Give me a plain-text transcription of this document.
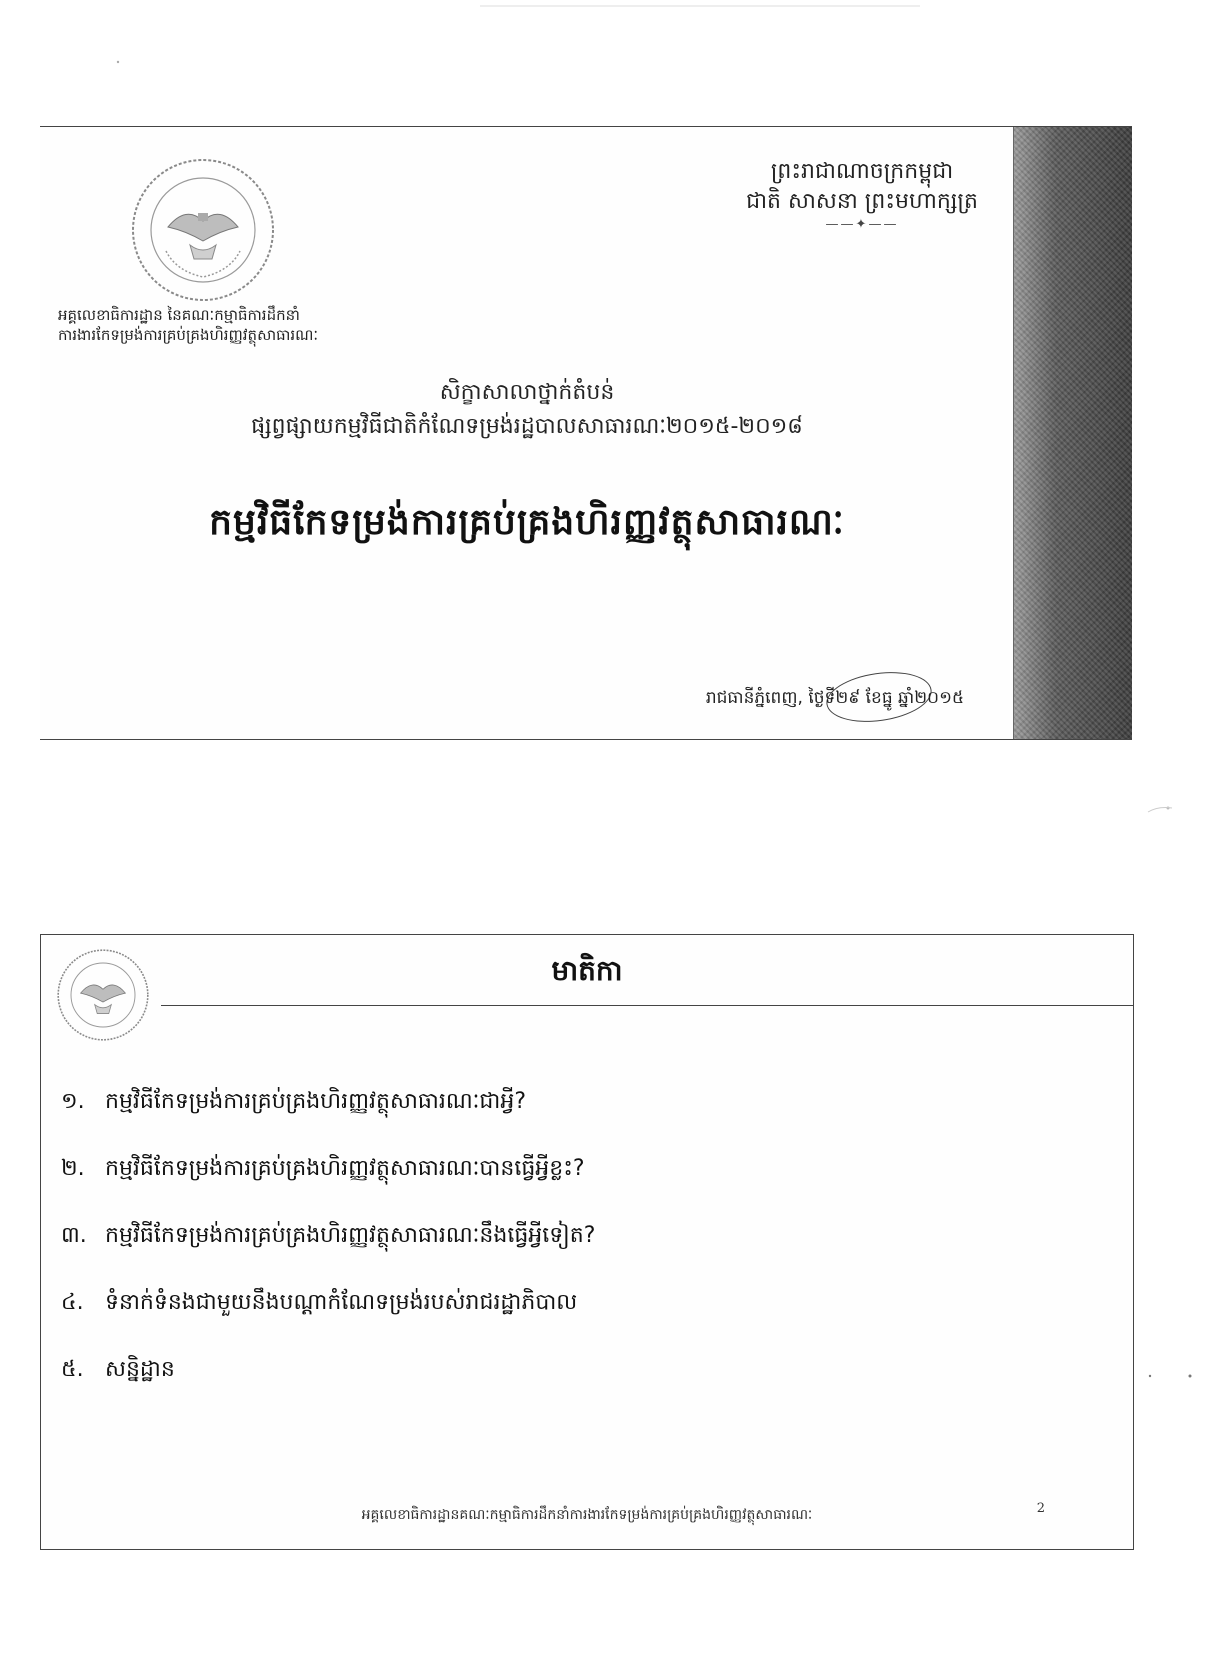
អគ្គលេខាធិការដ្ឋាន នៃគណៈកម្មាធិការដឹកនាំ
ការងារកែទម្រង់ការគ្រប់គ្រងហិរញ្ញវត្ថុសាធារណៈ
ព្រះរាជាណាចក្រកម្ពុជា
ជាតិ សាសនា ព្រះមហាក្សត្រ
——✦——
សិក្ខាសាលាថ្នាក់តំបន់
ផ្សព្វផ្សាយកម្មវិធីជាតិកំណែទម្រង់រដ្ឋបាលសាធារណៈ២០១៥-២០១៨
កម្មវិធីកែទម្រង់ការគ្រប់គ្រងហិរញ្ញវត្ថុសាធារណៈ
រាជធានីភ្នំពេញ, ថ្ងៃទី២៩ ខែធ្នូ ឆ្នាំ២០១៥
មាតិកា
១. កម្មវិធីកែទម្រង់ការគ្រប់គ្រងហិរញ្ញវត្ថុសាធារណៈជាអ្វី?
២. កម្មវិធីកែទម្រង់ការគ្រប់គ្រងហិរញ្ញវត្ថុសាធារណៈបានធ្វើអ្វីខ្លះ?
៣. កម្មវិធីកែទម្រង់ការគ្រប់គ្រងហិរញ្ញវត្ថុសាធារណៈនឹងធ្វើអ្វីទៀត?
៤. ទំនាក់ទំនងជាមួយនឹងបណ្តាកំណែទម្រង់របស់រាជរដ្ឋាភិបាល
៥. សន្និដ្ឋាន
អគ្គលេខាធិការដ្ឋានគណៈកម្មាធិការដឹកនាំការងារកែទម្រង់ការគ្រប់គ្រងហិរញ្ញវត្ថុសាធារណៈ	2
